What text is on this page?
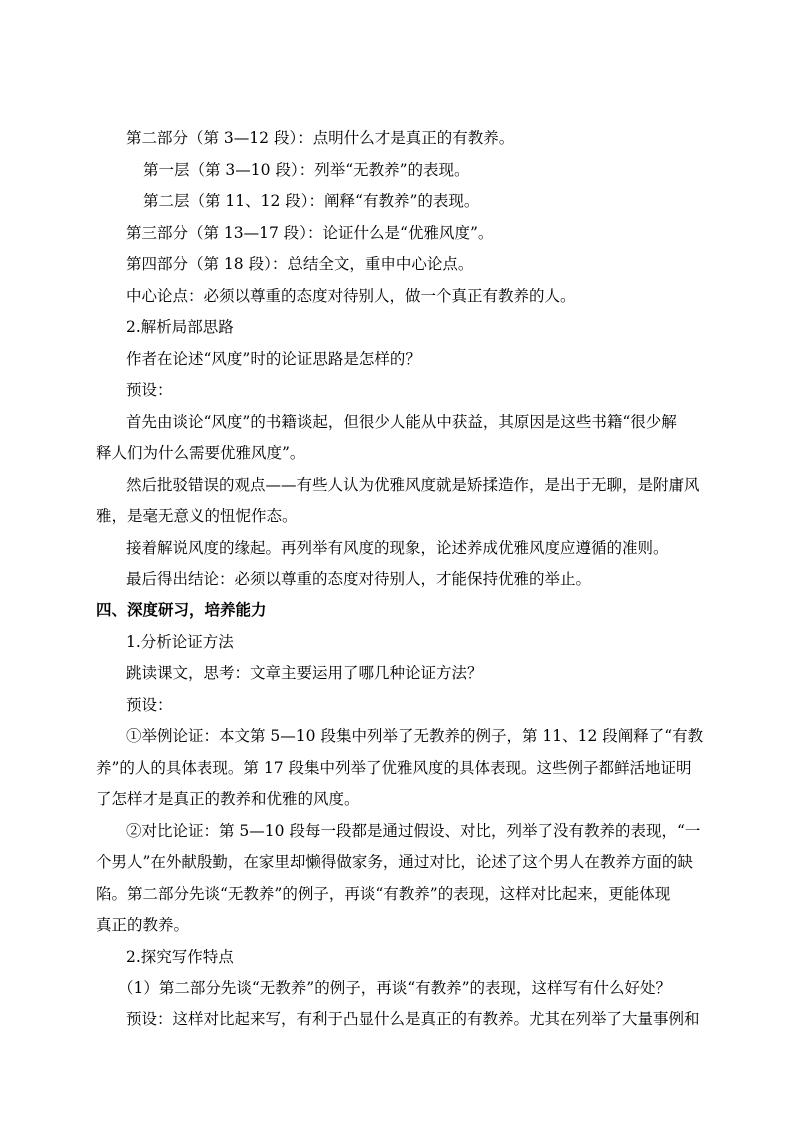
第二部分（第 3—12 段）：点明什么才是真正的有教养。
第一层（第 3—10 段）：列举“无教养”的表现。
第二层（第 11、12 段）：阐释“有教养”的表现。
第三部分（第 13—17 段）：论证什么是“优雅风度”。
第四部分（第 18 段）：总结全文，重申中心论点。
中心论点：必须以尊重的态度对待别人，做一个真正有教养的人。
2.解析局部思路
作者在论述“风度”时的论证思路是怎样的？
预设：
首先由谈论“风度”的书籍谈起，但很少人能从中获益，其原因是这些书籍“很少解
释人们为什么需要优雅风度”。
然后批驳错误的观点——有些人认为优雅风度就是矫揉造作，是出于无聊，是附庸风
雅，是毫无意义的忸怩作态。
接着解说风度的缘起。再列举有风度的现象，论述养成优雅风度应遵循的准则。
最后得出结论：必须以尊重的态度对待别人，才能保持优雅的举止。
四、深度研习，培养能力
1.分析论证方法
跳读课文，思考：文章主要运用了哪几种论证方法？
预设：
①举例论证：本文第 5—10 段集中列举了无教养的例子，第 11、12 段阐释了“有教
养”的人的具体表现。第 17 段集中列举了优雅风度的具体表现。这些例子都鲜活地证明
了怎样才是真正的教养和优雅的风度。
②对比论证：第 5—10 段每一段都是通过假设、对比，列举了没有教养的表现，“一
个男人”在外献殷勤，在家里却懒得做家务，通过对比，论述了这个男人在教养方面的缺
陷。第二部分先谈“无教养”的例子，再谈“有教养”的表现，这样对比起来，更能体现
真正的教养。
2.探究写作特点
（1）第二部分先谈“无教养”的例子，再谈“有教养”的表现，这样写有什么好处？
预设：这样对比起来写，有利于凸显什么是真正的有教养。尤其在列举了大量事例和
